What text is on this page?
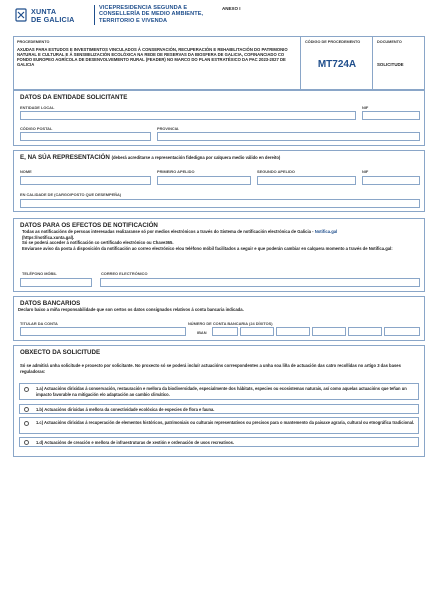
XUNTA
DE GALICIA
VICEPRESIDENCIA SEGUNDA E
CONSELLERÍA DE MEDIO AMBIENTE,
TERRITORIO E VIVENDA
ANEXO I
PROCEDEMENTO
AXUDAS PARA ESTUDOS E INVESTIMENTOS VINCULADOS Á CONSERVACIÓN, RECUPERACIÓN E REHABILITACIÓN DO PATRIMONIO NATURAL E CULTURAL E Á SENSIBILIZACIÓN ECOLÓXICA NA REDE DE RESERVAS DA BIOSFERA DE GALICIA, COFINANCIADO CO FONDO EUROPEO AGRÍCOLA DE DESENVOLVEMENTO RURAL (FEADER) NO MARCO DO PLAN ESTRATÉXICO DA PAC 2023-2027 DE GALICIA
CÓDIGO DE PROCEDEMENTO
MT724A
DOCUMENTO
SOLICITUDE
DATOS DA ENTIDADE SOLICITANTE
ENTIDADE LOCAL	NIF
CÓDIGO POSTAL	PROVINCIA
E, NA SÚA REPRESENTACIÓN (deberá acreditarse a representación fidedigna por calquera medio válido en dereito)
NOME	PRIMEIRO APELIDO	SEGUNDO APELIDO	NIF
EN CALIDADE DE (CARGO/POSTO QUE DESEMPEÑA)
DATOS PARA OS EFECTOS DE NOTIFICACIÓN
Todas as notificacións de persoas interesadas realizaranse só por medios electrónicos a través do Sistema de notificación electrónica de Galicia - Notifica.gal
(https://notifica.xunta.gal).
Só se poderá acceder á notificación co certificado electrónico ou Chave365.
Enviarase aviso da posta á disposición da notificación ao correo electrónico e/ou teléfono móbil facilitados a seguir e que poderán cambiar en calquera momento a través de Notifica.gal:
TELÉFONO MÓBIL	CORREO ELECTRÓNICO
DATOS BANCARIOS
Declaro baixo a miña responsabilidade que son certos os datos consignados relativos á conta bancaria indicada.
TITULAR DA CONTA	NÚMERO DE CONTA BANCARIA (24 DÍXITOS)
IBAN
OBXECTO DA SOLICITUDE
Só se admitirá unha solicitude e proxecto por solicitante. No proxecto só se poderá incluír actuacións correspondentes a unha soa liña de actuación das catro recollidas no artigo 3 das bases reguladoras:
1.a) Actuacións dirixidas á conservación, restauración e mellora da biodiversidade, especialmente dos hábitats, especies ou ecosistemas naturais, así como aquelas actuacións que teñan un impacto favorable na mitigación e/o adaptación ao cambio climático.
1.b) Actuacións dirixidas á mellora da conectividade ecolóxica de especies de flora e fauna.
1.c) Actuacións dirixidas á recuperación de elementos históricos, patrimoniais ou culturais representativos ou precisos para o mantemento da paisaxe agraria, cultural ou etnográfica tradicional.
1.d) Actuacións de creación e mellora de infraestruturas de xestión e ordenación de usos recreativos.
